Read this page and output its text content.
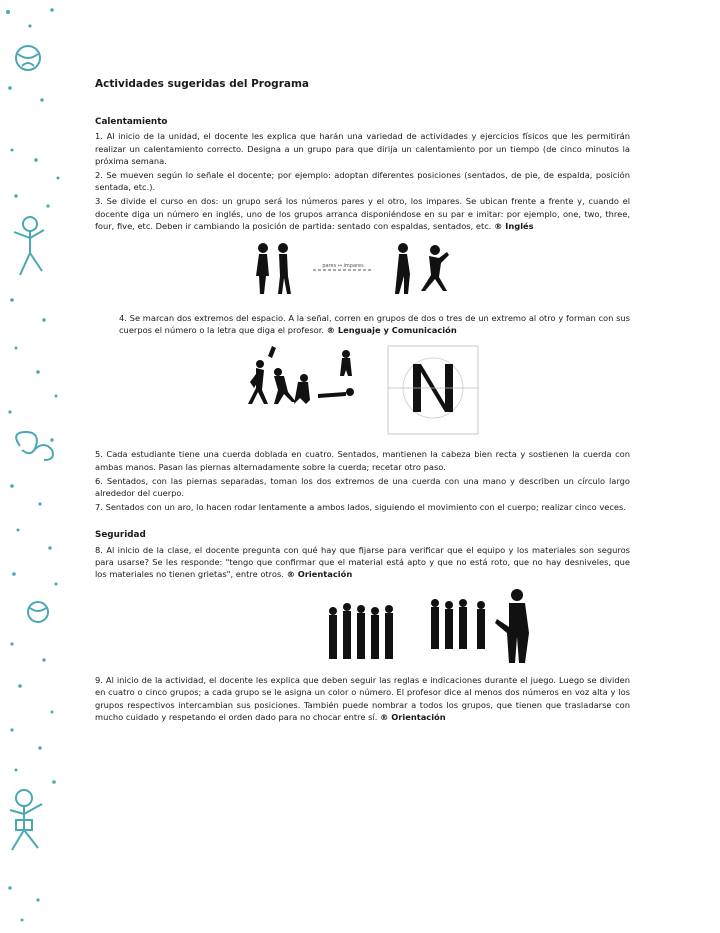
Actividades sugeridas del Programa
Calentamiento
1. Al inicio de la unidad, el docente les explica que harán una variedad de actividades y ejercicios físicos que les permitirán realizar un calentamiento correcto. Designa a un grupo para que dirija un calentamiento por un tiempo (de cinco minutos la próxima semana.
2. Se mueven según lo señale el docente; por ejemplo: adoptan diferentes posiciones (sentados, de pie, de espalda, posición sentada, etc.).
3. Se divide el curso en dos: un grupo será los números pares y el otro, los impares. Se ubican frente a frente y, cuando el docente diga un número en inglés, uno de los grupos arranca disponiéndose en su par e imitar: por ejemplo, one, two, three, four, five, etc. Deben ir cambiando la posición de partida: sentado con espaldas, sentados, etc. ® Inglés
pares ↔ impares
4. Se marcan dos extremos del espacio. A la señal, corren en grupos de dos o tres de un extremo al otro y forman con sus cuerpos el número o la letra que diga el profesor. ® Lenguaje y Comunicación
5. Cada estudiante tiene una cuerda doblada en cuatro. Sentados, mantienen la cabeza bien recta y sostienen la cuerda con ambas manos. Pasan las piernas alternadamente sobre la cuerda; recetar otro paso.
6. Sentados, con las piernas separadas, toman los dos extremos de una cuerda con una mano y describen un círculo largo alrededor del cuerpo.
7. Sentados con un aro, lo hacen rodar lentamente a ambos lados, siguiendo el movimiento con el cuerpo; realizar cinco veces.
Seguridad
8. Al inicio de la clase, el docente pregunta con qué hay que fijarse para verificar que el equipo y los materiales son seguros para usarse? Se les responde: "tengo que confirmar que el material está apto y que no está roto, que no hay desniveles, que los materiales no tienen grietas", entre otros. ® Orientación
9. Al inicio de la actividad, el docente les explica que deben seguir las reglas e indicaciones durante el juego. Luego se dividen en cuatro o cinco grupos; a cada grupo se le asigna un color o número. El profesor dice al menos dos números en voz alta y los grupos respectivos intercambian sus posiciones. También puede nombrar a todos los grupos, que tienen que trasladarse con mucho cuidado y respetando el orden dado para no chocar entre sí. ® Orientación
